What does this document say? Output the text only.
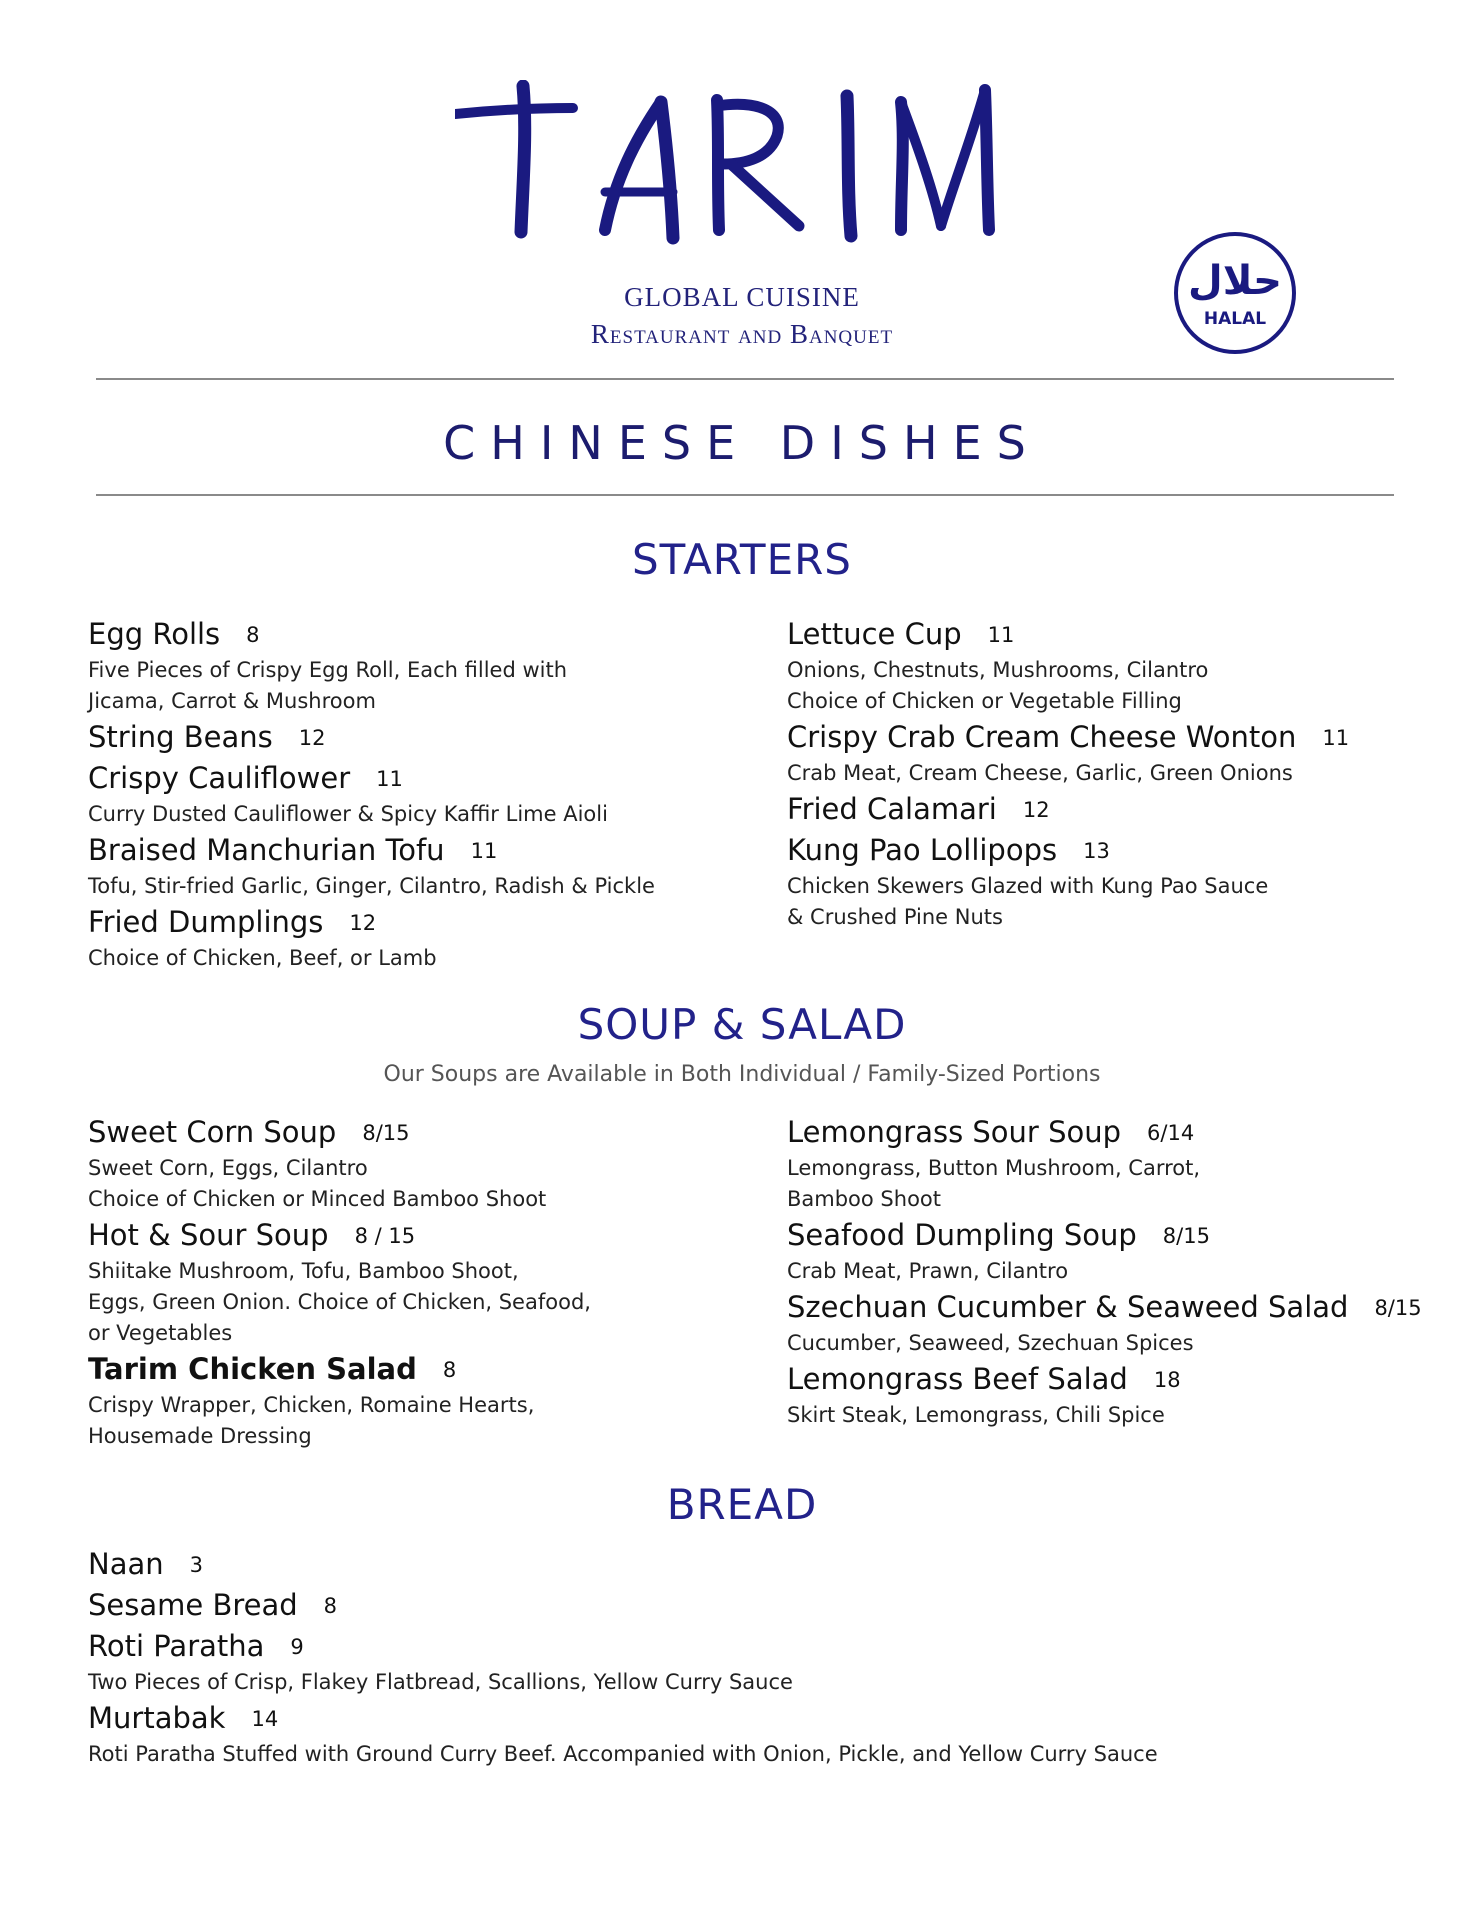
GLOBAL CUISINE
Restaurant and Banquet
حلال
HALAL
CHINESE DISHES
STARTERS
Egg Rolls 8
Five Pieces of Crispy Egg Roll, Each filled with
Jicama, Carrot & Mushroom
String Beans 12
Crispy Cauliflower 11
Curry Dusted Cauliflower & Spicy Kaffir Lime Aioli
Braised Manchurian Tofu 11
Tofu, Stir-fried Garlic, Ginger, Cilantro, Radish & Pickle
Fried Dumplings 12
Choice of Chicken, Beef, or Lamb
Lettuce Cup 11
Onions, Chestnuts, Mushrooms, Cilantro
Choice of Chicken or Vegetable Filling
Crispy Crab Cream Cheese Wonton 11
Crab Meat, Cream Cheese, Garlic, Green Onions
Fried Calamari 12
Kung Pao Lollipops 13
Chicken Skewers Glazed with Kung Pao Sauce
& Crushed Pine Nuts
SOUP & SALAD
Our Soups are Available in Both Individual / Family-Sized Portions
Sweet Corn Soup 8/15
Sweet Corn, Eggs, Cilantro
Choice of Chicken or Minced Bamboo Shoot
Hot & Sour Soup 8 / 15
Shiitake Mushroom, Tofu, Bamboo Shoot,
Eggs, Green Onion. Choice of Chicken, Seafood,
or Vegetables
Tarim Chicken Salad 8
Crispy Wrapper, Chicken, Romaine Hearts,
Housemade Dressing
Lemongrass Sour Soup 6/14
Lemongrass, Button Mushroom, Carrot,
Bamboo Shoot
Seafood Dumpling Soup 8/15
Crab Meat, Prawn, Cilantro
Szechuan Cucumber & Seaweed Salad 8/15
Cucumber, Seaweed, Szechuan Spices
Lemongrass Beef Salad 18
Skirt Steak, Lemongrass, Chili Spice
BREAD
Naan 3
Sesame Bread 8
Roti Paratha 9
Two Pieces of Crisp, Flakey Flatbread, Scallions, Yellow Curry Sauce
Murtabak 14
Roti Paratha Stuffed with Ground Curry Beef. Accompanied with Onion, Pickle, and Yellow Curry Sauce
